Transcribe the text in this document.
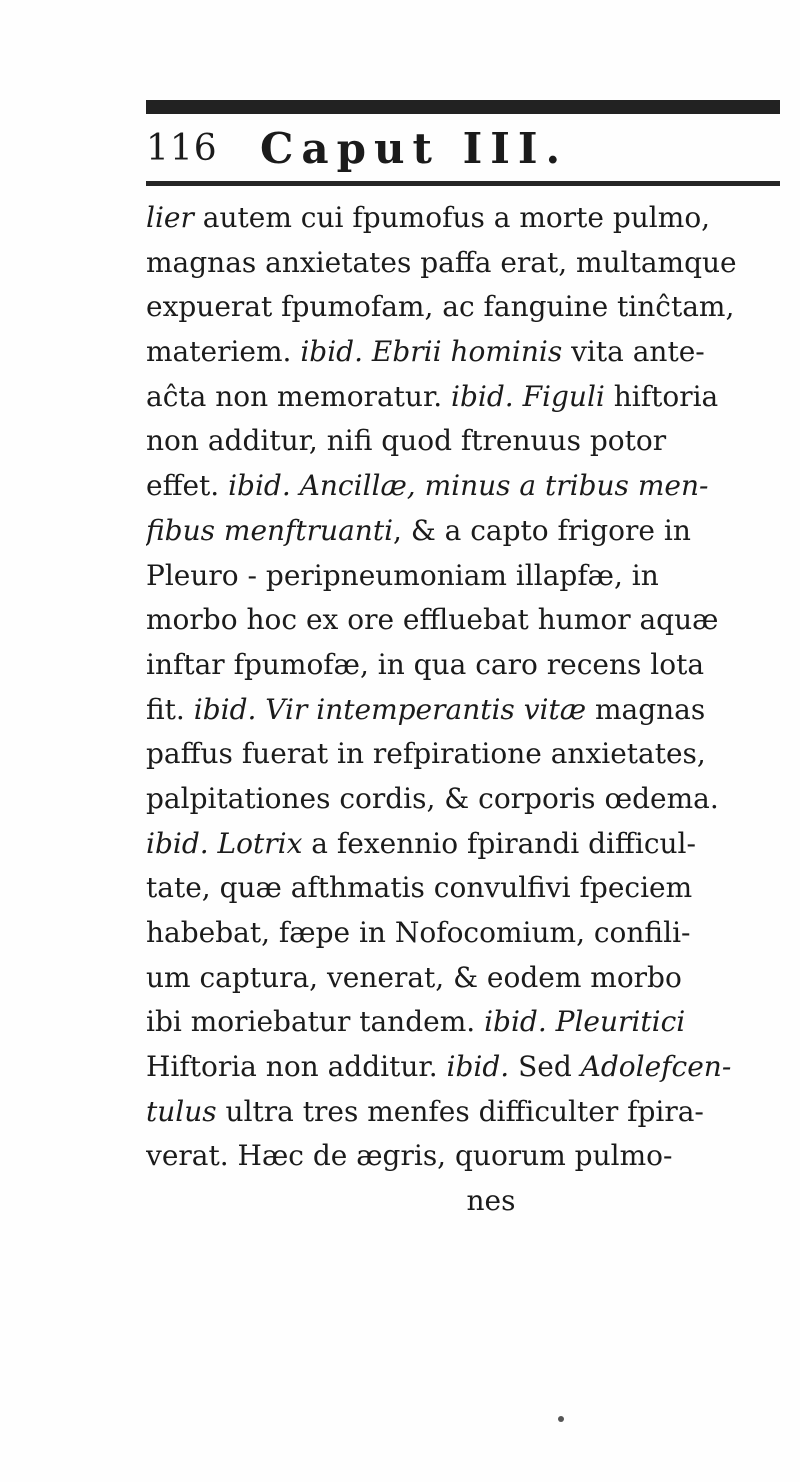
116 Caput III.
lier autem cui fpumofus a morte pulmo,
magnas anxietates paffa erat, multamque
expuerat fpumofam, ac fanguine tinĉtam,
materiem. ibid. Ebrii hominis vita ante-
aĉta non memoratur. ibid. Figuli hiftoria
non additur, nifi quod ftrenuus potor
effet. ibid. Ancillæ, minus a tribus men-
fibus menftruanti, & a capto frigore in
Pleuro - peripneumoniam illapfæ, in
morbo hoc ex ore effluebat humor aquæ
inftar fpumofæ, in qua caro recens lota
fit. ibid. Vir intemperantis vitæ magnas
paffus fuerat in refpiratione anxietates,
palpitationes cordis, & corporis œdema.
ibid. Lotrix a fexennio fpirandi difficul-
tate, quæ afthmatis convulfivi fpeciem
habebat, fæpe in Nofocomium, confili-
um captura, venerat, & eodem morbo
ibi moriebatur tandem. ibid. Pleuritici
Hiftoria non additur. ibid. Sed Adolefcen-
tulus ultra tres menfes difficulter fpira-
verat. Hæc de ægris, quorum pulmo-
nes
